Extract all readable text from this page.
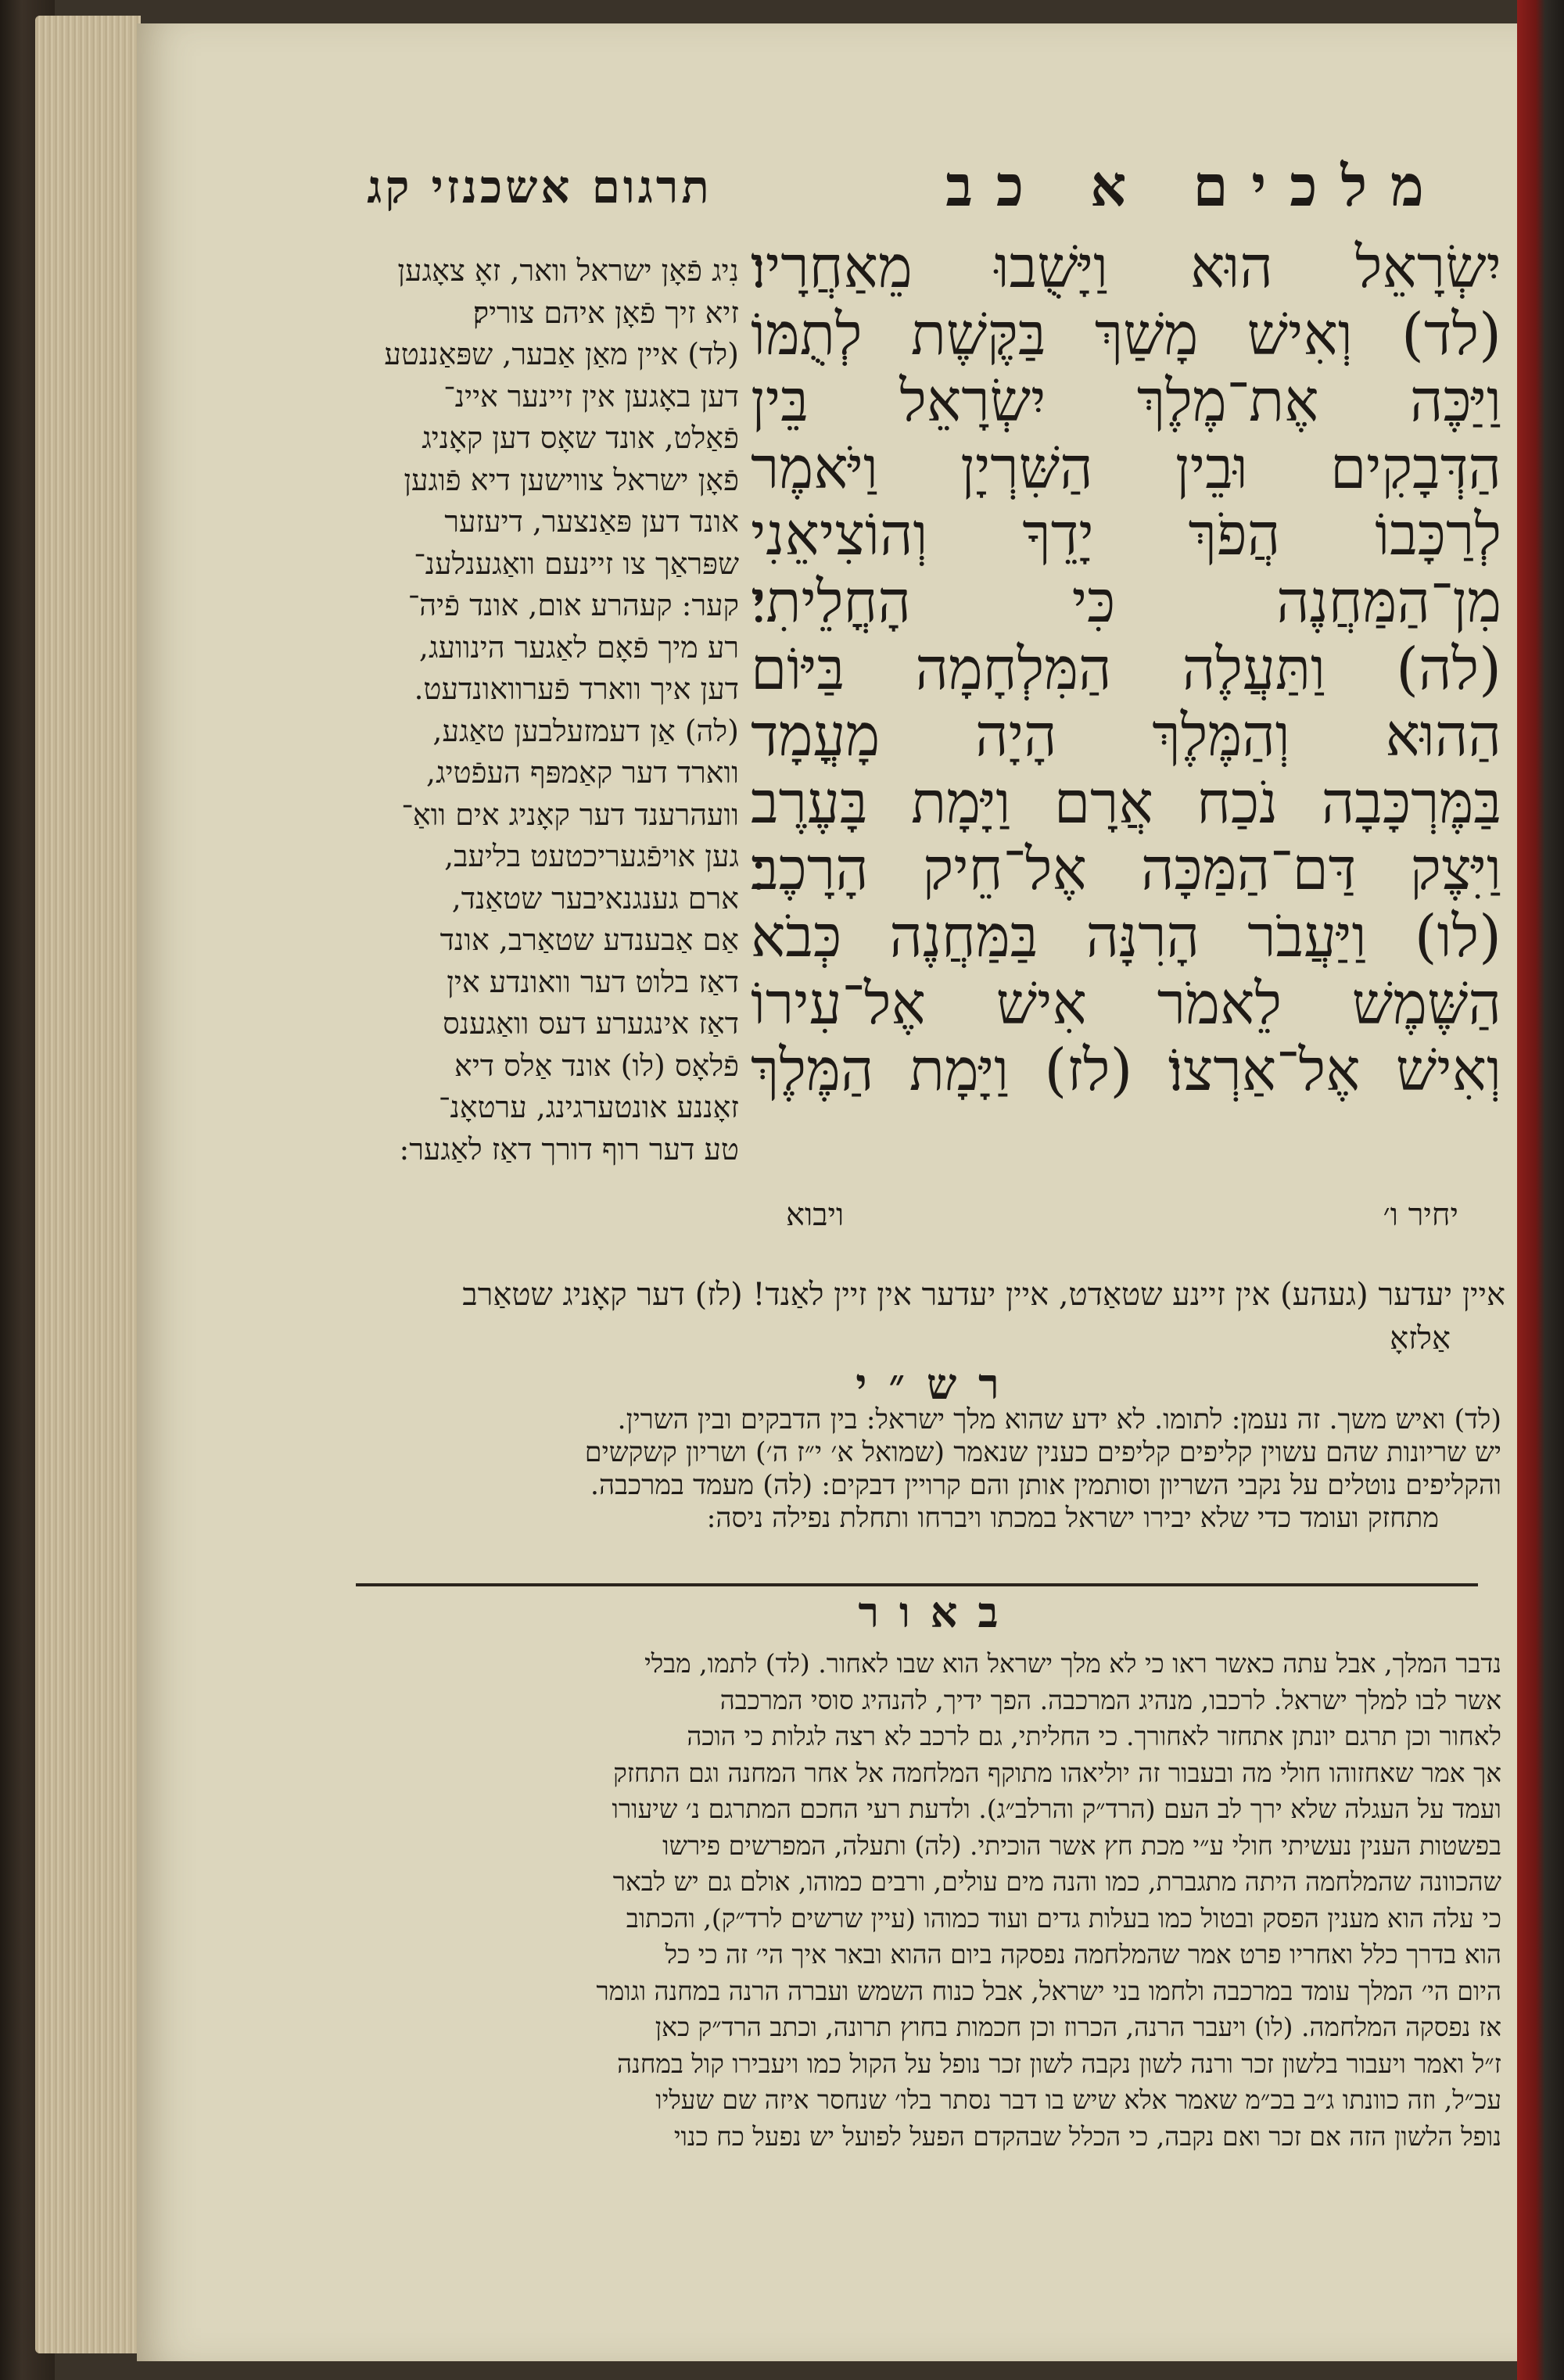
תרגום אשכנזי קג	מלכים א כב
יִשְׂרָאֵל הוּא וַיָּשֻׁבוּ מֵאַחֲרָיו׃
(לד) וְאִישׁ מָשַׁךְ בַּקֶּשֶׁת לְתֻמּוֹ
וַיַּכֶּה אֶת־מֶלֶךְ יִשְׂרָאֵל בֵּין
הַדְּבָקִים וּבֵין הַשִּׁרְיָן וַיֹּאמֶר
לְרַכָּבוֹ הֲפֹךְ יָדֵךָ וְהוֹצִיאֵנִי
מִן־הַמַּחֲנֶה כִּי הָחֳלֵיתִי׃
(לה) וַתַּעֲלֶה הַמִּלְחָמָה בַּיּוֹם
הַהוּא וְהַמֶּלֶךְ הָיָה מָעֳמָד
בַּמֶּרְכָּבָה נֹכַח אֲרָם וַיָּמָת בָּעֶרֶב
וַיִּצֶק דַּם־הַמַּכָּה אֶל־חֵיק הָרָכֶב׃
(לו) וַיַּעֲבֹר הָרִנָּה בַּמַּחֲנֶה כְּבֹא
הַשֶּׁמֶשׁ לֵאמֹר אִישׁ אֶל־עִירוֹ
וְאִישׁ אֶל־אַרְצוֹ׃ (לז) וַיָּמָת הַמֶּלֶךְ
יחיר ו׳
ויבוא
נִיג פֿאָן ישראל וואר, זאָ צאָגען
זיא זיך פֿאָן איהם צוריק׃
(לד) איין מאַן אַבער, שפּאַננטע
דען באָגען אין זיינער איינ־
פֿאַלט, אונד שאָס דען קאָניג
פֿאָן ישראל צווישען דיא פֿוגען
אונד דען פּאַנצער, דיעזער
שפּראַך צו זיינעם וואַגענלענ־
קער: קעהרע אום, אונד פֿיה־
רע מיך פֿאָם לאַגער הינוועג,
דען איך ווארד פֿערוואונדעט.
(לה) אַן דעמזעלבען טאַגע,
ווארד דער קאַמפּף העפֿטיג,
וועהרענד דער קאָניג אים וואַ־
גען אויפֿגעריכטעט בליעב,
ארם גענגנאיבער שטאַנד,
אַם אַבענדע שטאַרב, אונד
דאַז בלוט דער וואונדע אין
דאַז אינגערע דעס וואַגענס
פֿלאָס (לו) אונד אַלס דיא
זאָננע אונטערגינג, ערטאָנ־
טע דער רוף דורך דאַז לאַגער:
איין יעדער (געהע) אין זיינע שטאַדט, איין יעדער אין זיין לאַנד! (לז) דער קאָניג שטאַרב
אַלזאָ
רש״י
(לד) ואיש משך. זה נעמן: לתומו. לא ידע שהוא מלך ישראל: בין הדבקים ובין השרין.
יש שריונות שהם עשוין קליפים קליפים כענין שנאמר (שמואל א׳ י״ז ה׳) ושריון קשקשים
והקליפים נוטלים על נקבי השריון וסותמין אותן והם קרויין דבקים: (לה) מעמד במרכבה.
מתחזק ועומד כדי שלא יבירו ישראל במכתו ויברחו ותחלת נפילה ניסה:
באור
נדבר המלך, אבל עתה כאשר ראו כי לא מלך ישראל הוא שבו לאחור. (לד) לתמו, מבלי
אשר לבו למלך ישראל. לרכבו, מנהיג המרכבה. הפך ידיך, להנהיג סוסי המרכבה
לאחור וכן תרגם יונתן אתחזר לאחורך. כי החליתי, גם לרכב לא רצה לגלות כי הוכה
אך אמר שאחזוהו חולי מה ובעבור זה יוליאהו מתוקף המלחמה אל אחר המחנה וגם התחזק
ועמד על העגלה שלא ירך לב העם (הרד״ק והרלב״ג). ולדעת רעי החכם המתרגם נ׳ שיעורו
בפשטות הענין נעשיתי חולי ע״י מכת חץ אשר הוכיתי. (לה) ותעלה, המפרשים פירשו
שהכוונה שהמלחמה היתה מתגברת, כמו והנה מים עולים, ורבים כמוהו, אולם גם יש לבאר
כי עלה הוא מענין הפסק ובטול כמו בעלות גדים ועוד כמוהו (עיין שרשים לרד״ק), והכתוב
הוא בדרך כלל ואחריו פרט אמר שהמלחמה נפסקה ביום ההוא ובאר איך הי׳ זה כי כל
היום הי׳ המלך עומד במרכבה ולחמו בני ישראל, אבל כנוח השמש ועברה הרנה במחנה וגומר
אז נפסקה המלחמה. (לו) ויעבר הרנה, הכרוז וכן חכמות בחוץ תרונה, וכתב הרד״ק כאן
ז״ל ואמר ויעבור בלשון זכר ורנה לשון נקבה לשון זכר נופל על הקול כמו ויעבירו קול במחנה
עכ״ל, וזה כוונתו ג״ב בכ״מ שאמר אלא שיש בו דבר נסתר בלו׳ שנחסר איזה שם שעליו
נופל הלשון הזה אם זכר ואם נקבה, כי הכלל שבהקדם הפעל לפועל יש נפעל כח כנוי
